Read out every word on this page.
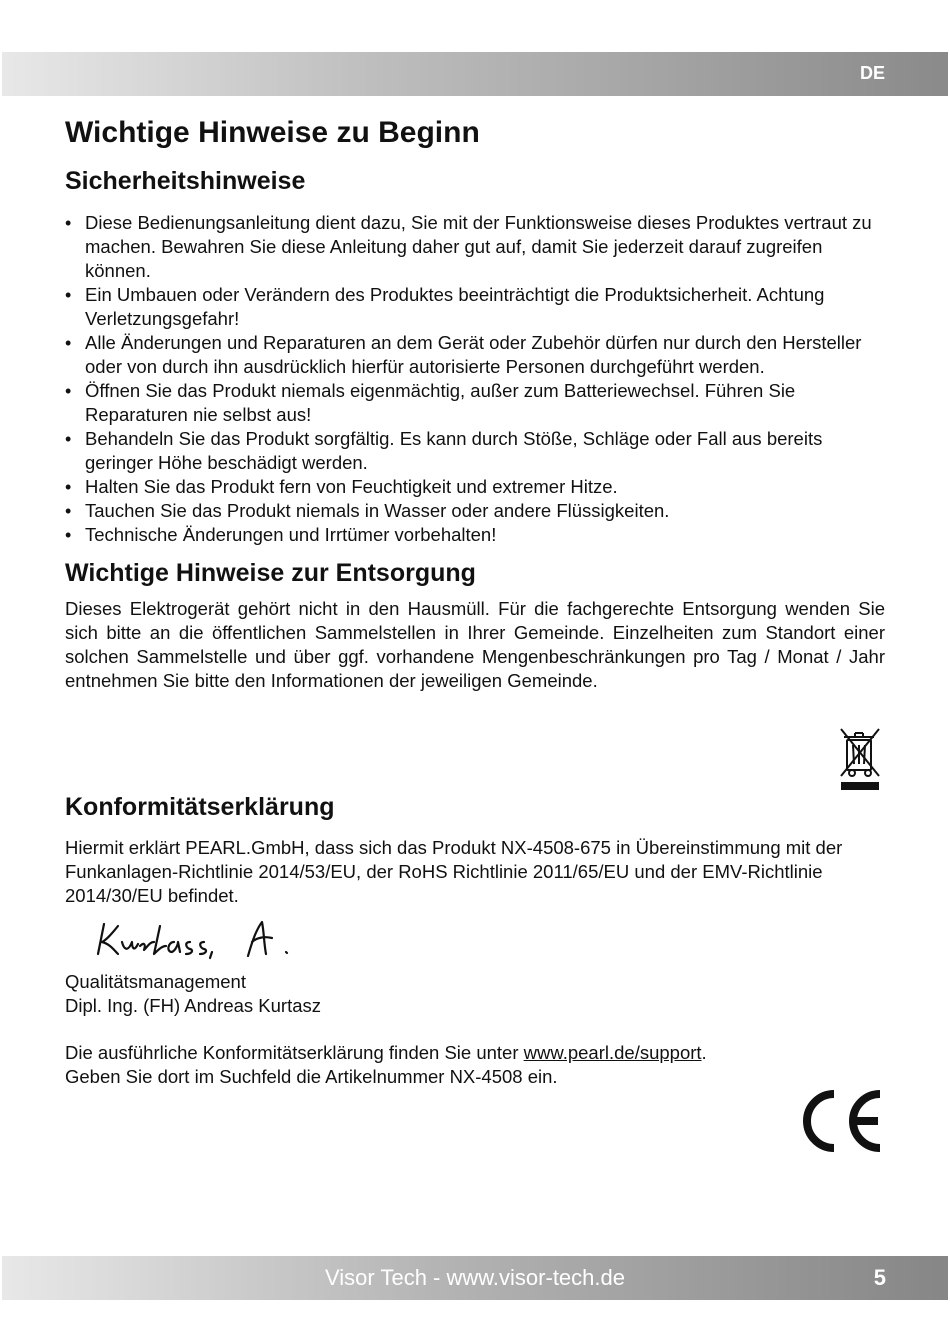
DE
Wichtige Hinweise zu Beginn
Sicherheitshinweise
• Diese Bedienungsanleitung dient dazu, Sie mit der Funktionsweise dieses Produktes vertraut zu machen. Bewahren Sie diese Anleitung daher gut auf, damit Sie jederzeit darauf zugreifen können.
• Ein Umbauen oder Verändern des Produktes beeinträchtigt die Produktsicherheit. Achtung Verletzungsgefahr!
• Alle Änderungen und Reparaturen an dem Gerät oder Zubehör dürfen nur durch den Hersteller oder von durch ihn ausdrücklich hierfür autorisierte Personen durchgeführt werden.
• Öffnen Sie das Produkt niemals eigenmächtig, außer zum Batteriewechsel. Führen Sie Reparaturen nie selbst aus!
• Behandeln Sie das Produkt sorgfältig. Es kann durch Stöße, Schläge oder Fall aus bereits geringer Höhe beschädigt werden.
• Halten Sie das Produkt fern von Feuchtigkeit und extremer Hitze.
• Tauchen Sie das Produkt niemals in Wasser oder andere Flüssigkeiten.
• Technische Änderungen und Irrtümer vorbehalten!
Wichtige Hinweise zur Entsorgung

Dieses Elektrogerät gehört nicht in den Hausmüll. Für die fachgerechte Entsorgung wenden Sie sich bitte an die öffentlichen Sammelstellen in Ihrer Gemeinde. Einzelheiten zum Standort einer solchen Sammelstelle und über ggf. vorhandene Mengenbeschränkungen pro Tag / Monat / Jahr entnehmen Sie bitte den Informationen der jeweiligen Gemeinde.

Konformitätserklärung

Hiermit erklärt PEARL.GmbH, dass sich das Produkt NX-4508-675 in Übereinstimmung mit der Funkanlagen-Richtlinie 2014/53/EU, der RoHS Richtlinie 2011/65/EU und der EMV-Richtlinie 2014/30/EU befindet.

Qualitätsmanagement
Dipl. Ing. (FH) Andreas Kurtasz
Die ausführliche Konformitätserklärung finden Sie unter www.pearl.de/support.
Geben Sie dort im Suchfeld die Artikelnummer NX-4508 ein.
Visor Tech - www.visor-tech.de	5
